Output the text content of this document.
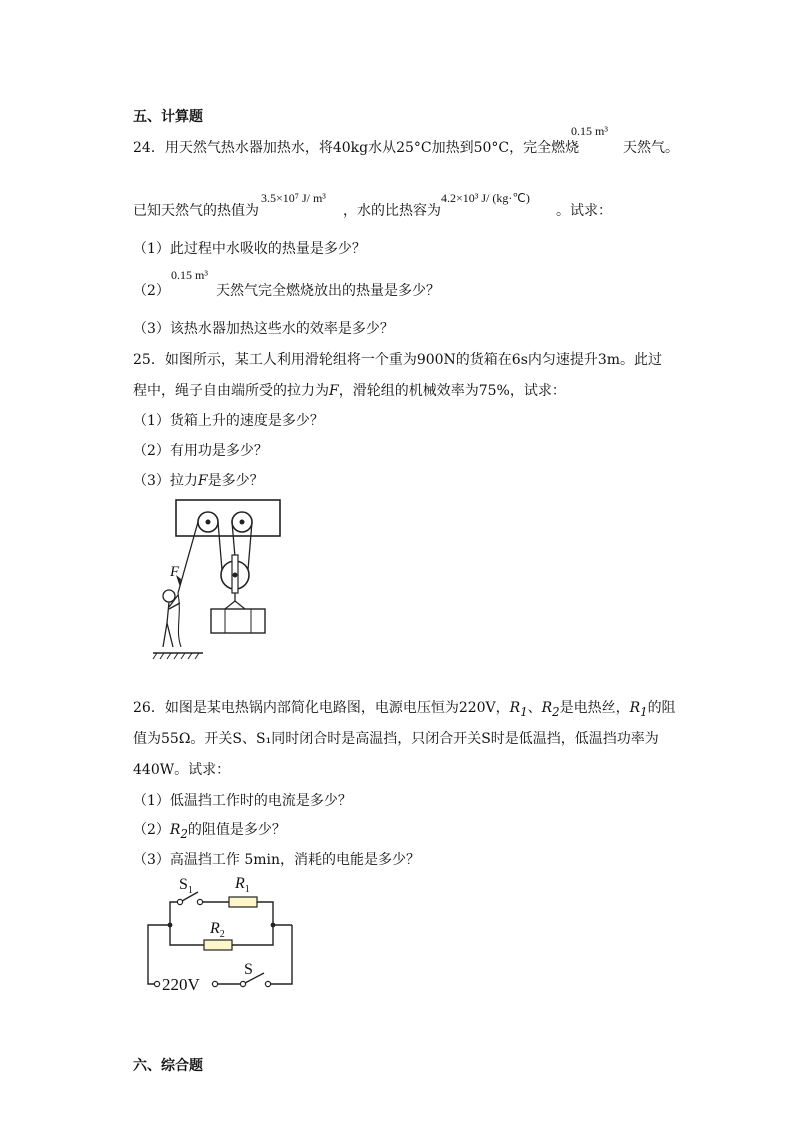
五、计算题
24．用天然气热水器加热水，将40kg水从25°C加热到50°C，完全燃烧
0.15 m³
天然气。
已知天然气的热值为
3.5×10⁷ J/ m³
，水的比热容为
4.2×10³ J/ (kg·℃)
。试求：
（1）此过程中水吸收的热量是多少？
（2）
0.15 m³
天然气完全燃烧放出的热量是多少？
（3）该热水器加热这些水的效率是多少？
25．如图所示，某工人利用滑轮组将一个重为900N的货箱在6s内匀速提升3m。此过
程中，绳子自由端所受的拉力为F，滑轮组的机械效率为75%，试求：
（1）货箱上升的速度是多少？
（2）有用功是多少？
（3）拉力F是多少？
F
26．如图是某电热锅内部简化电路图，电源电压恒为220V，$R_1$、$R_2$是电热丝，$R_1$的阻
值为55Ω。开关S、S₁同时闭合时是高温挡，只闭合开关S时是低温挡，低温挡功率为
440W。试求：
（1）低温挡工作时的电流是多少？
$(2)R_2$的阻值是多少？
（3）高温挡工作 5min，消耗的电能是多少？
$S_1$	$R_1$
$R_2$
220V
S
六、综合题
